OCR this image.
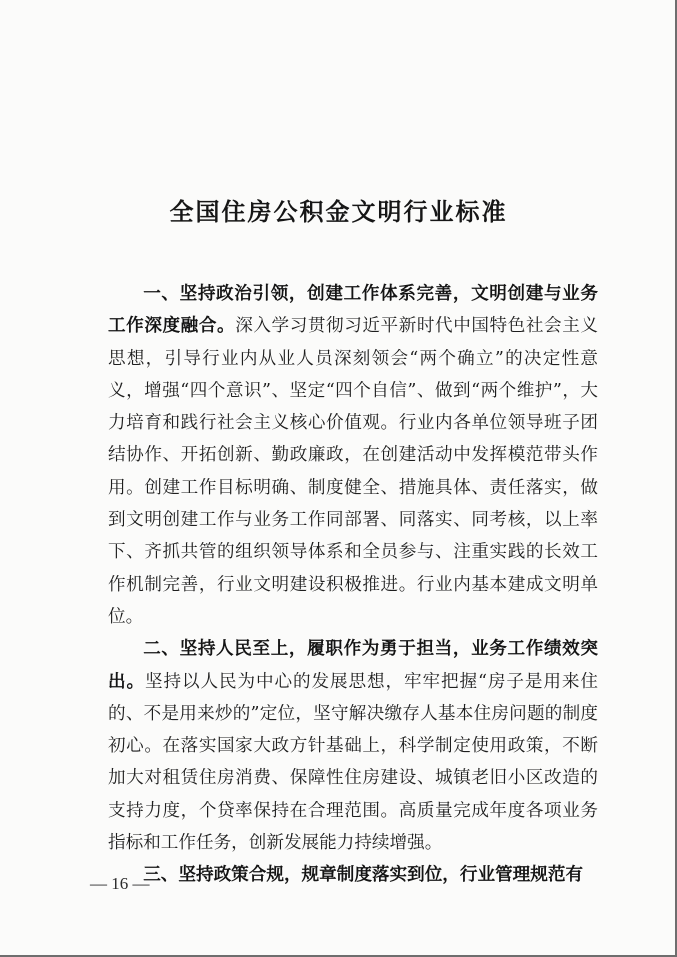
全国住房公积金文明行业标准

一、坚持政治引领，创建工作体系完善，文明创建与业务工作深度融合。深入学习贯彻习近平新时代中国特色社会主义思想，引导行业内从业人员深刻领会“两个确立”的决定性意义，增强“四个意识”、坚定“四个自信”、做到“两个维护”，大力培育和践行社会主义核心价值观。行业内各单位领导班子团结协作、开拓创新、勤政廉政，在创建活动中发挥模范带头作用。创建工作目标明确、制度健全、措施具体、责任落实，做到文明创建工作与业务工作同部署、同落实、同考核，以上率下、齐抓共管的组织领导体系和全员参与、注重实践的长效工作机制完善，行业文明建设积极推进。行业内基本建成文明单位。

二、坚持人民至上，履职作为勇于担当，业务工作绩效突出。坚持以人民为中心的发展思想，牢牢把握“房子是用来住的、不是用来炒的”定位，坚守解决缴存人基本住房问题的制度初心。在落实国家大政方针基础上，科学制定使用政策，不断加大对租赁住房消费、保障性住房建设、城镇老旧小区改造的支持力度，个贷率保持在合理范围。高质量完成年度各项业务指标和工作任务，创新发展能力持续增强。

三、坚持政策合规，规章制度落实到位，行业管理规范有

— 16 —
